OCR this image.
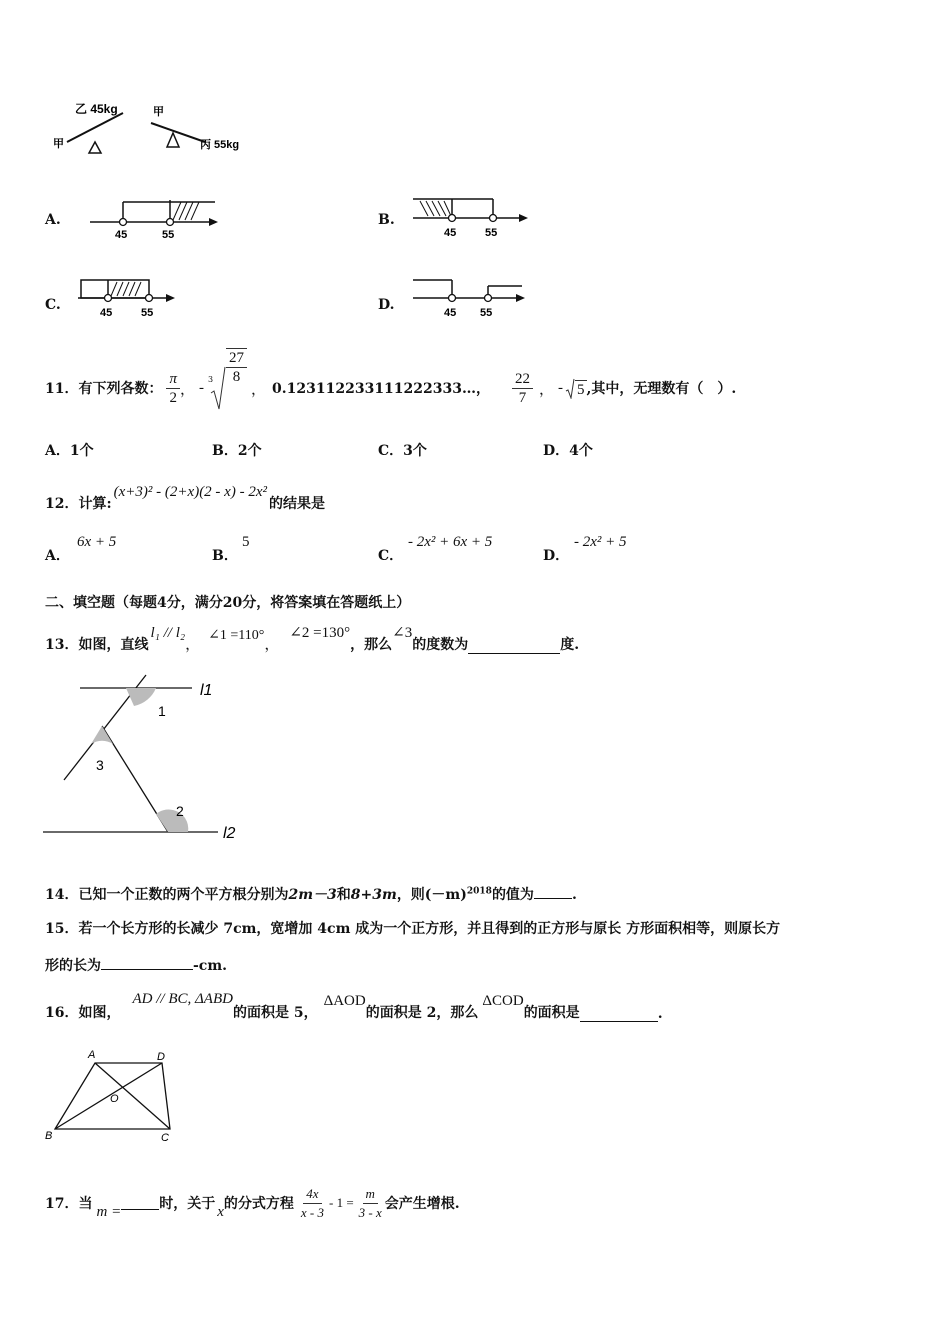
乙 45kg
甲
甲
丙 55kg
A.
45	55
B.
45	55
C.	45	55	D.	45 55
11．有下列各数： $\frac{\pi}{2}$ ， - $3 \frac{27}{8}$
， 0.123112233111222333…， $\frac{22}{7}$ ， - 5 ,其中，无理数有（　）.
A．1个	B．2个	C．3个	D．4个
12．计算:
(x+3)² - (2+x)(2 - x) - 2x²
的结果是
A．
6x + 5
B．
5
C．
- 2x² + 6x + 5
D．
- 2x² + 5
二、填空题（每题4分，满分20分，将答案填在答题纸上）
13．如图，直线
l₁ // l₂
，
∠1 =110°
，
∠2 =130°
，那么
∠3
的度数为	度.
l1
l2
1
2
3
14．已知一个正数的两个平方根分别为2m－3和8+3m，则$(-m)^{2018}$的值为	.
15．若一个长方形的长减少 7cm，宽增加 4cm 成为一个正方形，并且得到的正方形与原长 方形面积相等，则原长方
形的长为	-cm.
16．如图，
AD // BC, ΔABD
的面积是 5，
ΔAOD
的面积是 2，那么
ΔCOD
的面积是	.
A	D
O
B	C
17．当 m =	时，关于 x 的分式方程 $\frac{4x}{x - 3} - 1 = \frac{m}{3 - x}$ 会产生增根.
